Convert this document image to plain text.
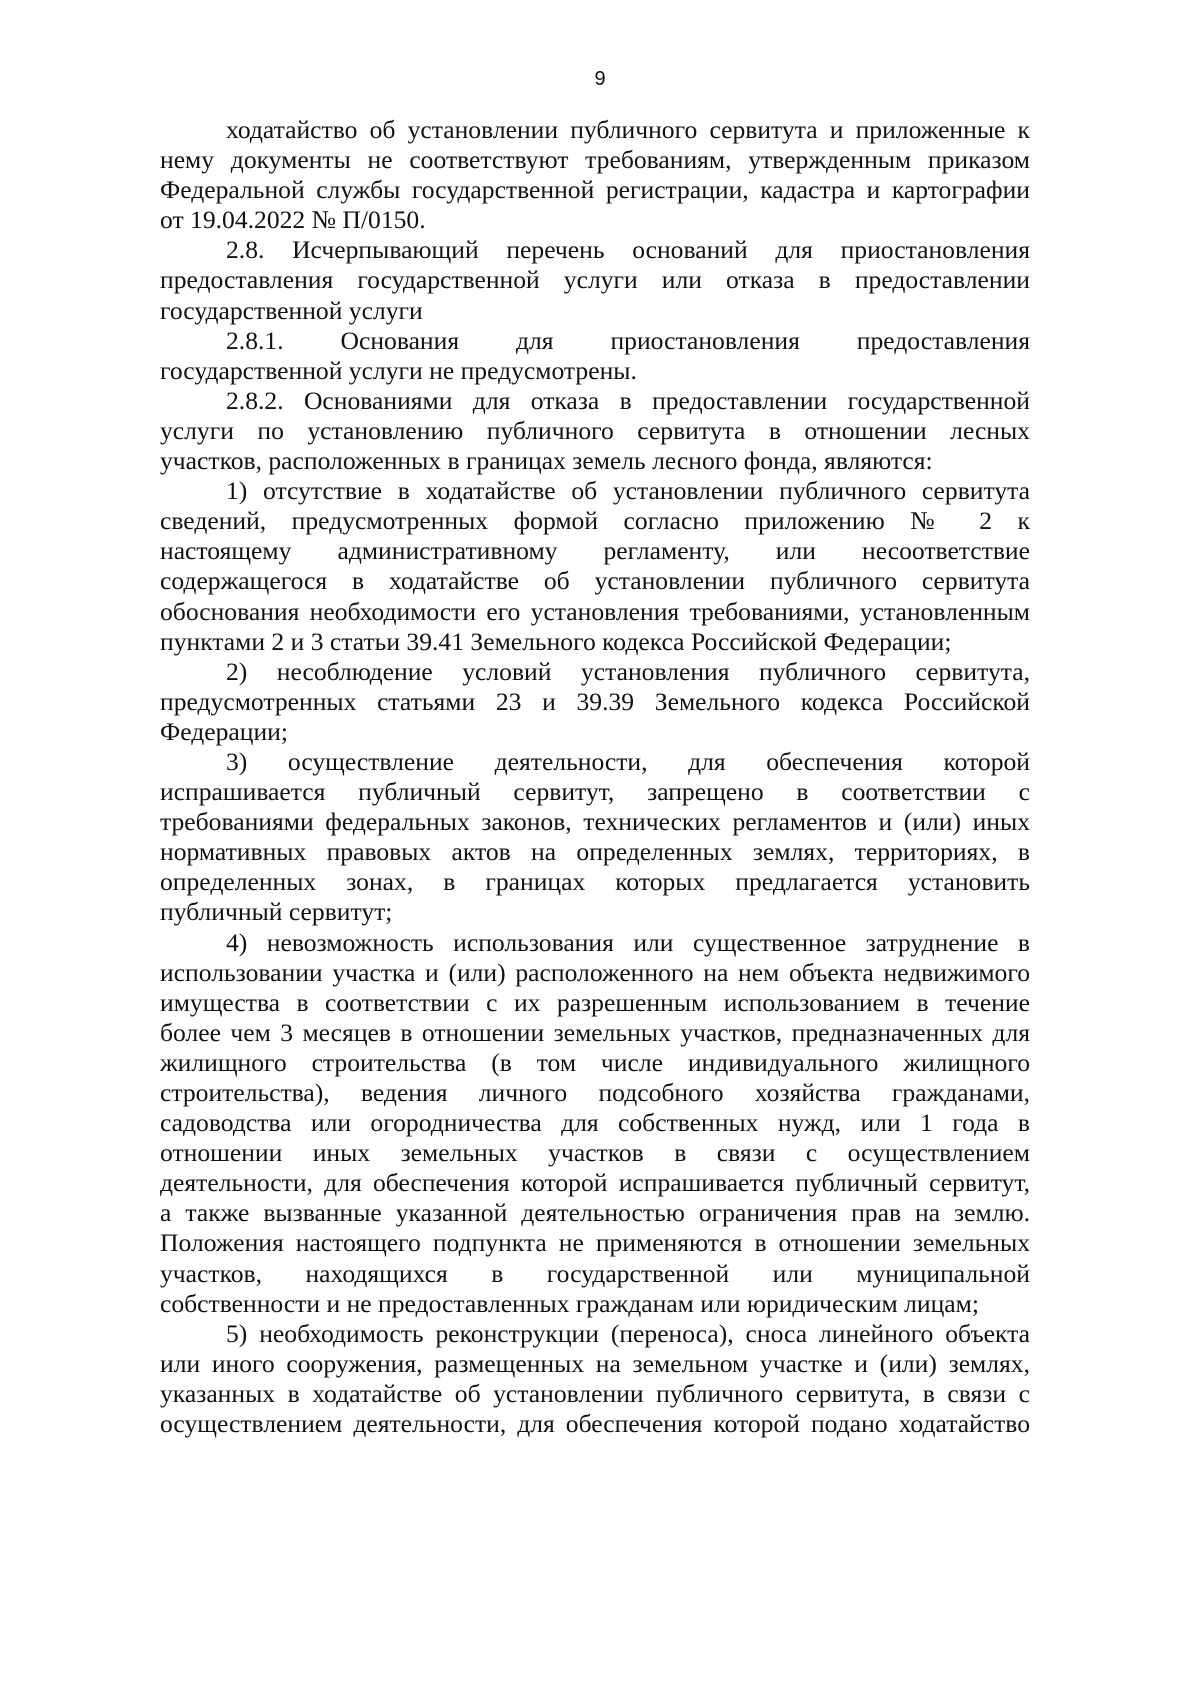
9
ходатайство об установлении публичного сервитута и приложенные к
нему документы не соответствуют требованиям, утвержденным приказом
Федеральной службы государственной регистрации, кадастра и картографии
от 19.04.2022 № П/0150.
2.8. Исчерпывающий перечень оснований для приостановления
предоставления государственной услуги или отказа в предоставлении
государственной услуги
2.8.1. Основания для приостановления предоставления
государственной услуги не предусмотрены.
2.8.2. Основаниями для отказа в предоставлении государственной
услуги по установлению публичного сервитута в отношении лесных
участков, расположенных в границах земель лесного фонда, являются:
1) отсутствие в ходатайстве об установлении публичного сервитута
сведений, предусмотренных формой согласно приложению № 2 к
настоящему административному регламенту, или несоответствие
содержащегося в ходатайстве об установлении публичного сервитута
обоснования необходимости его установления требованиями, установленным
пунктами 2 и 3 статьи 39.41 Земельного кодекса Российской Федерации;
2) несоблюдение условий установления публичного сервитута,
предусмотренных статьями 23 и 39.39 Земельного кодекса Российской
Федерации;
3) осуществление деятельности, для обеспечения которой
испрашивается публичный сервитут, запрещено в соответствии с
требованиями федеральных законов, технических регламентов и (или) иных
нормативных правовых актов на определенных землях, территориях, в
определенных зонах, в границах которых предлагается установить
публичный сервитут;
4) невозможность использования или существенное затруднение в
использовании участка и (или) расположенного на нем объекта недвижимого
имущества в соответствии с их разрешенным использованием в течение
более чем 3 месяцев в отношении земельных участков, предназначенных для
жилищного строительства (в том числе индивидуального жилищного
строительства), ведения личного подсобного хозяйства гражданами,
садоводства или огородничества для собственных нужд, или 1 года в
отношении иных земельных участков в связи с осуществлением
деятельности, для обеспечения которой испрашивается публичный сервитут,
а также вызванные указанной деятельностью ограничения прав на землю.
Положения настоящего подпункта не применяются в отношении земельных
участков, находящихся в государственной или муниципальной
собственности и не предоставленных гражданам или юридическим лицам;
5) необходимость реконструкции (переноса), сноса линейного объекта
или иного сооружения, размещенных на земельном участке и (или) землях,
указанных в ходатайстве об установлении публичного сервитута, в связи с
осуществлением деятельности, для обеспечения которой подано ходатайство
